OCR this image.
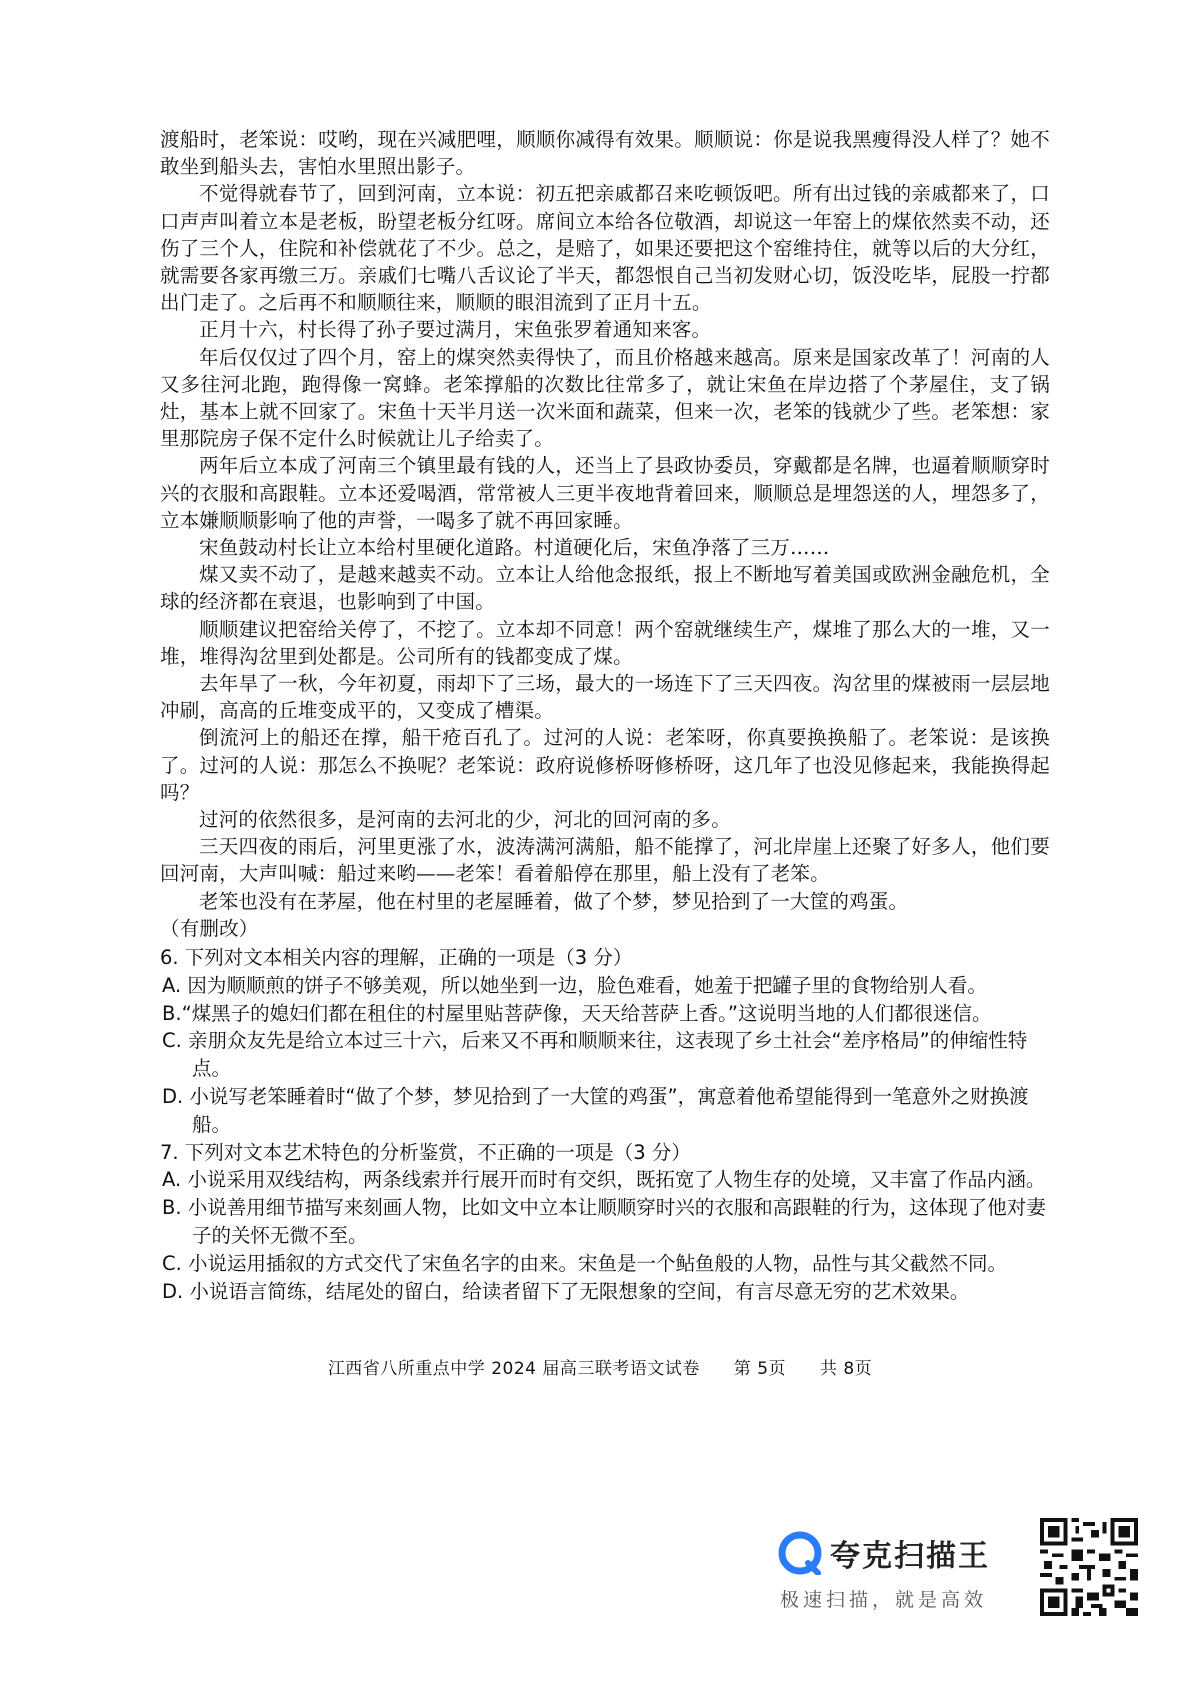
渡船时，老笨说：哎哟，现在兴减肥哩，顺顺你减得有效果。顺顺说：你是说我黑瘦得没人样了？她不敢坐到船头去，害怕水里照出影子。

不觉得就春节了，回到河南，立本说：初五把亲戚都召来吃顿饭吧。所有出过钱的亲戚都来了，口口声声叫着立本是老板，盼望老板分红呀。席间立本给各位敬酒，却说这一年窑上的煤依然卖不动，还伤了三个人，住院和补偿就花了不少。总之，是赔了，如果还要把这个窑维持住，就等以后的大分红，就需要各家再缴三万。亲戚们七嘴八舌议论了半天，都怨恨自己当初发财心切，饭没吃毕，屁股一拧都出门走了。之后再不和顺顺往来，顺顺的眼泪流到了正月十五。

正月十六，村长得了孙子要过满月，宋鱼张罗着通知来客。

年后仅仅过了四个月，窑上的煤突然卖得快了，而且价格越来越高。原来是国家改革了！河南的人又多往河北跑，跑得像一窝蜂。老笨撑船的次数比往常多了，就让宋鱼在岸边搭了个茅屋住，支了锅灶，基本上就不回家了。宋鱼十天半月送一次米面和蔬菜，但来一次，老笨的钱就少了些。老笨想：家里那院房子保不定什么时候就让儿子给卖了。

两年后立本成了河南三个镇里最有钱的人，还当上了县政协委员，穿戴都是名牌，也逼着顺顺穿时兴的衣服和高跟鞋。立本还爱喝酒，常常被人三更半夜地背着回来，顺顺总是埋怨送的人，埋怨多了，立本嫌顺顺影响了他的声誉，一喝多了就不再回家睡。

宋鱼鼓动村长让立本给村里硬化道路。村道硬化后，宋鱼净落了三万……

煤又卖不动了，是越来越卖不动。立本让人给他念报纸，报上不断地写着美国或欧洲金融危机，全球的经济都在衰退，也影响到了中国。

顺顺建议把窑给关停了，不挖了。立本却不同意！两个窑就继续生产，煤堆了那么大的一堆，又一堆，堆得沟岔里到处都是。公司所有的钱都变成了煤。

去年旱了一秋，今年初夏，雨却下了三场，最大的一场连下了三天四夜。沟岔里的煤被雨一层层地冲刷，高高的丘堆变成平的，又变成了槽渠。

倒流河上的船还在撑，船干疮百孔了。过河的人说：老笨呀，你真要换换船了。老笨说：是该换了。过河的人说：那怎么不换呢？老笨说：政府说修桥呀修桥呀，这几年了也没见修起来，我能换得起吗？

过河的依然很多，是河南的去河北的少，河北的回河南的多。

三天四夜的雨后，河里更涨了水，波涛满河满船，船不能撑了，河北岸崖上还聚了好多人，他们要回河南，大声叫喊：船过来哟——老笨！看着船停在那里，船上没有了老笨。

老笨也没有在茅屋，他在村里的老屋睡着，做了个梦，梦见拾到了一大筐的鸡蛋。

（有删改）

6. 下列对文本相关内容的理解，正确的一项是（3 分）

A. 因为顺顺煎的饼子不够美观，所以她坐到一边，脸色难看，她羞于把罐子里的食物给别人看。

B.“煤黑子的媳妇们都在租住的村屋里贴菩萨像，天天给菩萨上香。”这说明当地的人们都很迷信。

C. 亲朋众友先是给立本过三十六，后来又不再和顺顺来往，这表现了乡土社会“差序格局”的伸缩性特点。

D. 小说写老笨睡着时“做了个梦，梦见拾到了一大筐的鸡蛋”，寓意着他希望能得到一笔意外之财换渡船。

7. 下列对文本艺术特色的分析鉴赏，不正确的一项是（3 分）

A. 小说采用双线结构，两条线索并行展开而时有交织，既拓宽了人物生存的处境，又丰富了作品内涵。

B. 小说善用细节描写来刻画人物，比如文中立本让顺顺穿时兴的衣服和高跟鞋的行为，这体现了他对妻子的关怀无微不至。

C. 小说运用插叙的方式交代了宋鱼名字的由来。宋鱼是一个鲇鱼般的人物，品性与其父截然不同。

D. 小说语言简练，结尾处的留白，给读者留下了无限想象的空间，有言尽意无穷的艺术效果。

江西省八所重点中学 2024 届高三联考语文试卷 第 5页 共 8页
夸克扫描王
极速扫描，就是高效
